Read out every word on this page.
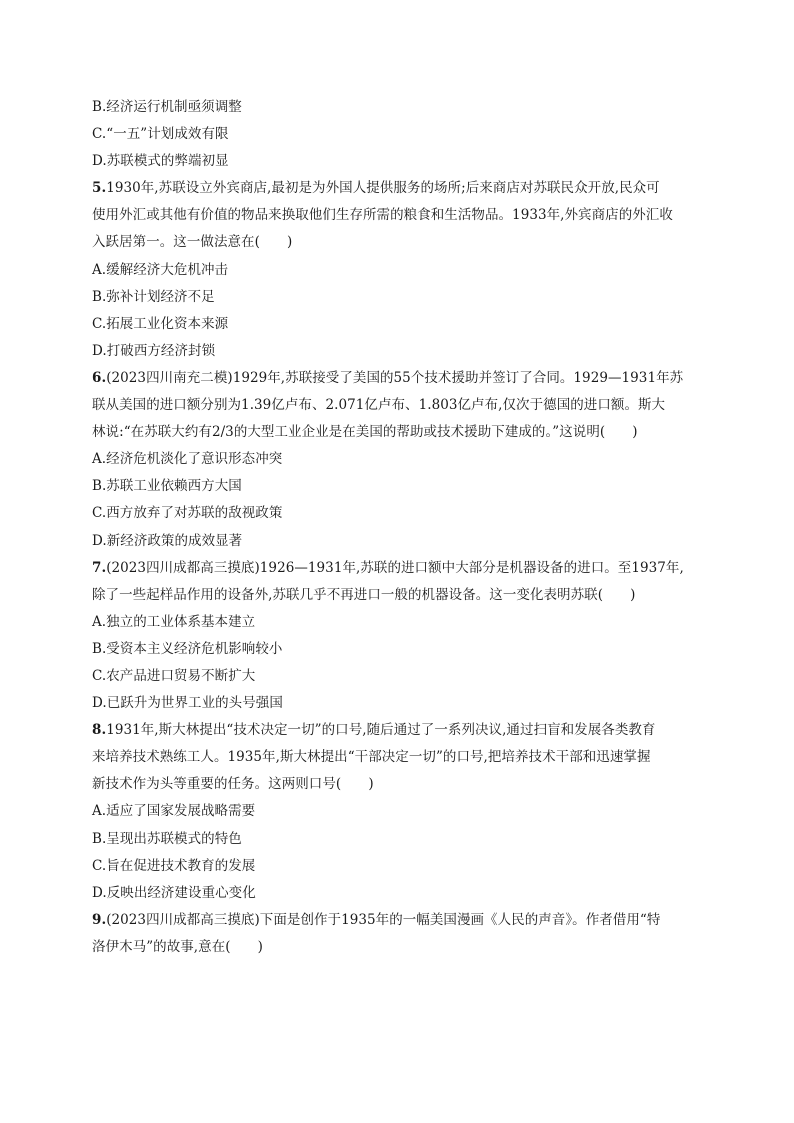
B.经济运行机制亟须调整
C.“一五”计划成效有限
D.苏联模式的弊端初显
5.1930年,苏联设立外宾商店,最初是为外国人提供服务的场所;后来商店对苏联民众开放,民众可
使用外汇或其他有价值的物品来换取他们生存所需的粮食和生活物品。1933年,外宾商店的外汇收
入跃居第一。这一做法意在(　　)
A.缓解经济大危机冲击
B.弥补计划经济不足
C.拓展工业化资本来源
D.打破西方经济封锁
6.(2023四川南充二模)1929年,苏联接受了美国的55个技术援助并签订了合同。1929—1931年苏
联从美国的进口额分别为1.39亿卢布、2.071亿卢布、1.803亿卢布,仅次于德国的进口额。斯大
林说:“在苏联大约有2/3的大型工业企业是在美国的帮助或技术援助下建成的。”这说明(　　)
A.经济危机淡化了意识形态冲突
B.苏联工业依赖西方大国
C.西方放弃了对苏联的敌视政策
D.新经济政策的成效显著
7.(2023四川成都高三摸底)1926—1931年,苏联的进口额中大部分是机器设备的进口。至1937年,
除了一些起样品作用的设备外,苏联几乎不再进口一般的机器设备。这一变化表明苏联(　　)
A.独立的工业体系基本建立
B.受资本主义经济危机影响较小
C.农产品进口贸易不断扩大
D.已跃升为世界工业的头号强国
8.1931年,斯大林提出“技术决定一切”的口号,随后通过了一系列决议,通过扫盲和发展各类教育
来培养技术熟练工人。1935年,斯大林提出“干部决定一切”的口号,把培养技术干部和迅速掌握
新技术作为头等重要的任务。这两则口号(　　)
A.适应了国家发展战略需要
B.呈现出苏联模式的特色
C.旨在促进技术教育的发展
D.反映出经济建设重心变化
9.(2023四川成都高三摸底)下面是创作于1935年的一幅美国漫画《人民的声音》。作者借用“特
洛伊木马”的故事,意在(　　)
